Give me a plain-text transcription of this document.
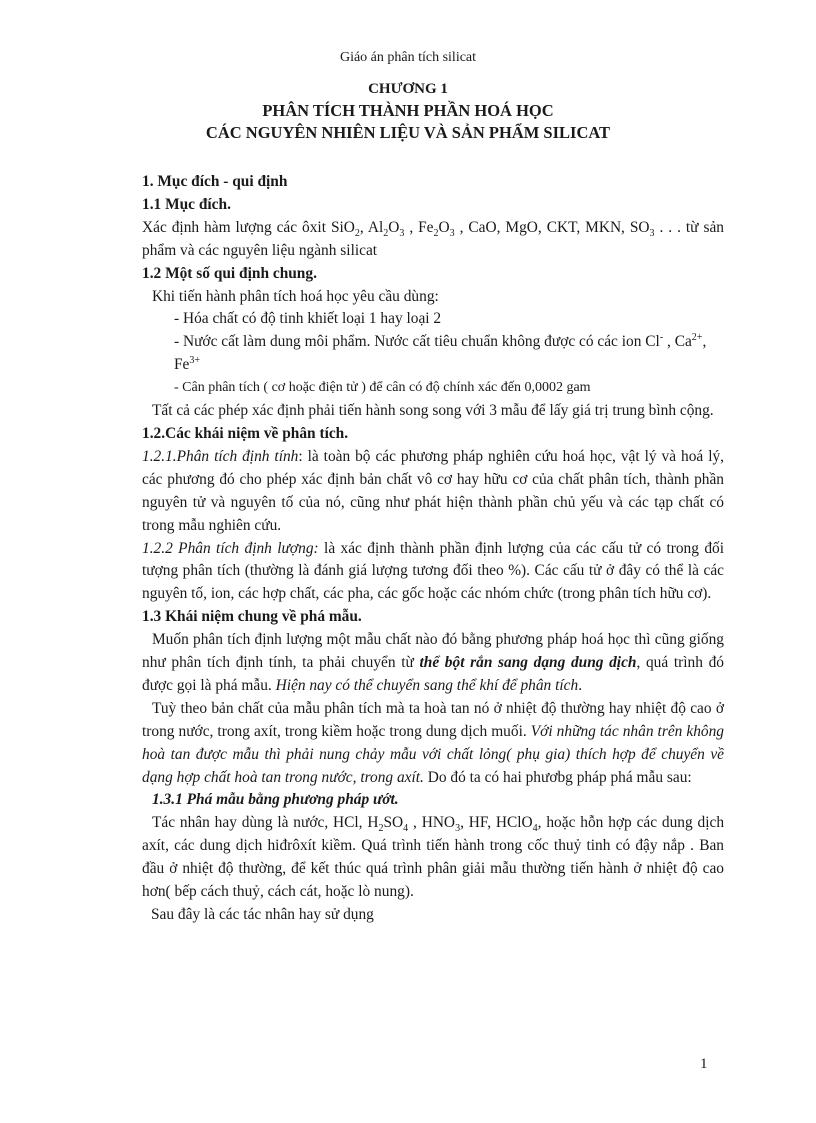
Giáo án phân tích silicat
CHƯƠNG 1
PHÂN TÍCH THÀNH PHẦN HOÁ HỌC
CÁC NGUYÊN NHIÊN LIỆU VÀ SẢN PHẨM SILICAT

1. Mục đích - qui định

1.1 Mục đích.

Xác định hàm lượng các ôxit SiO$_2$, $Al_2O_3$ , $Fe_2O_3$ , CaO, MgO, CKT, MKN, $SO_3$ . . . từ sản phẩm và các nguyên liệu ngành silicat

1.2 Một số qui định chung.

Khi tiến hành phân tích hoá học yêu cầu dùng:

- Hóa chất có độ tinh khiết loại 1 hay loại 2

- Nước cất làm dung môi phẩm. Nước cất tiêu chuẩn không được có các ion Cl- , $Ca^{2+}$, $Fe^{3+}$

- Cân phân tích ( cơ hoặc điện tử ) để cân có độ chính xác đến 0,0002 gam

Tất cả các phép xác định phải tiến hành song song với 3 mẫu để lấy giá trị trung bình cộng.

1.2.Các khái niệm về phân tích.

1.2.1.Phân tích định tính: là toàn bộ các phương pháp nghiên cứu hoá học, vật lý và hoá lý, các phương đó cho phép xác định bản chất vô cơ hay hữu cơ của chất phân tích, thành phần nguyên tử và nguyên tố của nó, cũng như phát hiện thành phần chủ yếu và các tạp chất có trong mẫu nghiên cứu.

1.2.2 Phân tích định lượng: là xác định thành phần định lượng của các cấu tử có trong đối tượng phân tích (thường là đánh giá lượng tương đối theo %). Các cấu tử ở đây có thể là các nguyên tố, ion, các hợp chất, các pha, các gốc hoặc các nhóm chức (trong phân tích hữu cơ).

1.3 Khái niệm chung về phá mẫu.

Muốn phân tích định lượng một mẫu chất nào đó bằng phương pháp hoá học thì cũng giống như phân tích định tính, ta phải chuyển từ thể bột rắn sang dạng dung dịch, quá trình đó được gọi là phá mẫu. Hiện nay có thể chuyển sang thể khí để phân tích.

Tuỳ theo bản chất của mẫu phân tích mà ta hoà tan nó ở nhiệt độ thường hay nhiệt độ cao ở trong nước, trong axít, trong kiềm hoặc trong dung dịch muối. Với những tác nhân trên không hoà tan được mẫu thì phải nung chảy mẫu với chất lỏng( phụ gia) thích hợp để chuyển về dạng hợp chất hoà tan trong nước, trong axít. Do đó ta có hai phươbg pháp phá mẫu sau:

1.3.1 Phá mẫu bằng phương pháp ướt.

Tác nhân hay dùng là nước, HCl, $H_2SO_4$ , $HNO_3$, HF, HClO$_4$, hoặc hỗn hợp các dung dịch axít, các dung dịch hiđrôxít kiềm. Quá trình tiến hành trong cốc thuỷ tinh có đậy nắp . Ban đầu ở nhiệt độ thường, để kết thúc quá trình phân giải mẫu thường tiến hành ở nhiệt độ cao hơn( bếp cách thuỷ, cách cát, hoặc lò nung).

Sau đây là các tác nhân hay sử dụng

1
